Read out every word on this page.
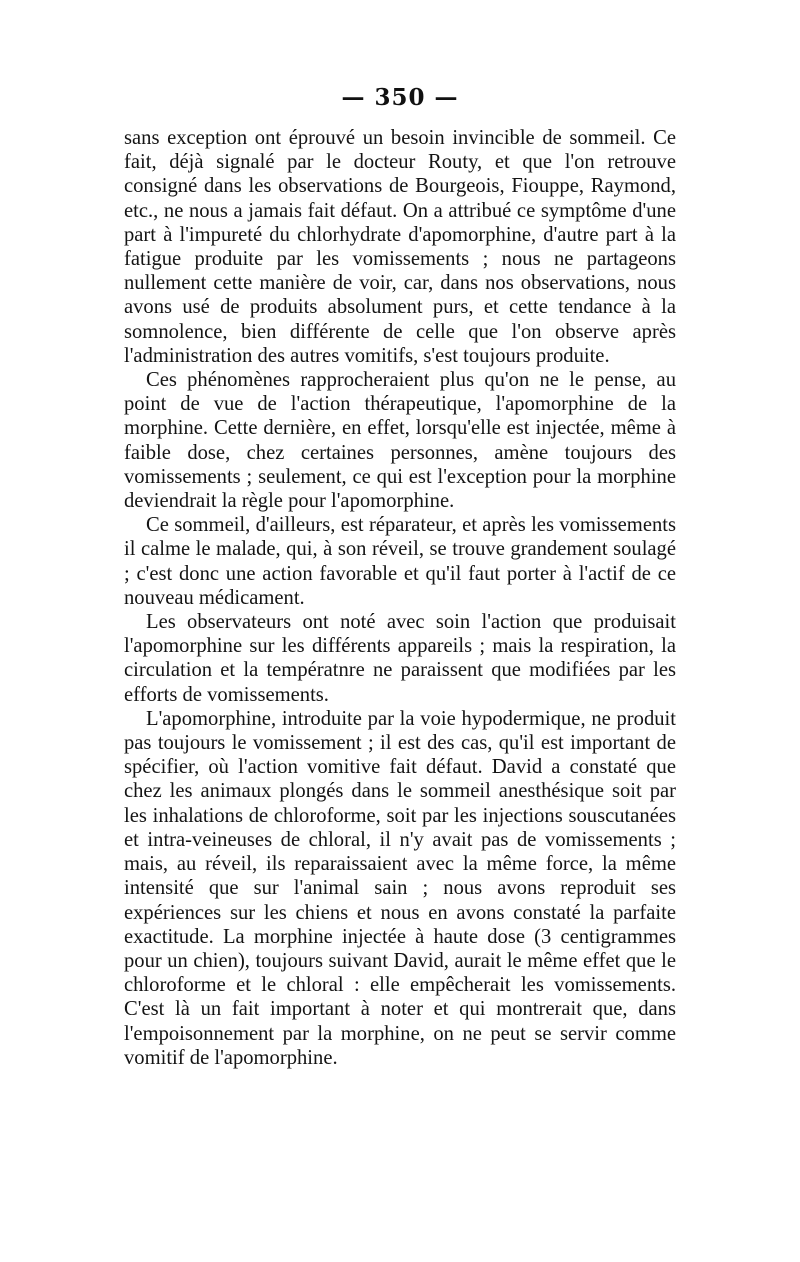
— 350 —

sans exception ont éprouvé un besoin invincible de sommeil. Ce fait, déjà signalé par le docteur Routy, et que l'on retrouve consigné dans les observations de Bourgeois, Fiouppe, Raymond, etc., ne nous a jamais fait défaut. On a attribué ce symptôme d'une part à l'impureté du chlorhydrate d'apomorphine, d'autre part à la fatigue produite par les vomissements ; nous ne partageons nullement cette manière de voir, car, dans nos observations, nous avons usé de produits absolument purs, et cette tendance à la somnolence, bien différente de celle que l'on observe après l'administration des autres vomitifs, s'est toujours produite.

Ces phénomènes rapprocheraient plus qu'on ne le pense, au point de vue de l'action thérapeutique, l'apomorphine de la morphine. Cette dernière, en effet, lorsqu'elle est injectée, même à faible dose, chez certaines personnes, amène toujours des vomissements ; seulement, ce qui est l'exception pour la morphine deviendrait la règle pour l'apomorphine.

Ce sommeil, d'ailleurs, est réparateur, et après les vomissements il calme le malade, qui, à son réveil, se trouve grandement soulagé ; c'est donc une action favorable et qu'il faut porter à l'actif de ce nouveau médicament.

Les observateurs ont noté avec soin l'action que produisait l'apomorphine sur les différents appareils ; mais la respiration, la circulation et la températnre ne paraissent que modifiées par les efforts de vomissements.

L'apomorphine, introduite par la voie hypodermique, ne produit pas toujours le vomissement ; il est des cas, qu'il est important de spécifier, où l'action vomitive fait défaut. David a constaté que chez les animaux plongés dans le sommeil anesthésique soit par les inhalations de chloroforme, soit par les injections souscutanées et intra-veineuses de chloral, il n'y avait pas de vomissements ; mais, au réveil, ils reparaissaient avec la même force, la même intensité que sur l'animal sain ; nous avons reproduit ses expériences sur les chiens et nous en avons constaté la parfaite exactitude. La morphine injectée à haute dose (3 centigrammes pour un chien), toujours suivant David, aurait le même effet que le chloroforme et le chloral : elle empêcherait les vomissements. C'est là un fait important à noter et qui montrerait que, dans l'empoisonnement par la morphine, on ne peut se servir comme vomitif de l'apomorphine.
